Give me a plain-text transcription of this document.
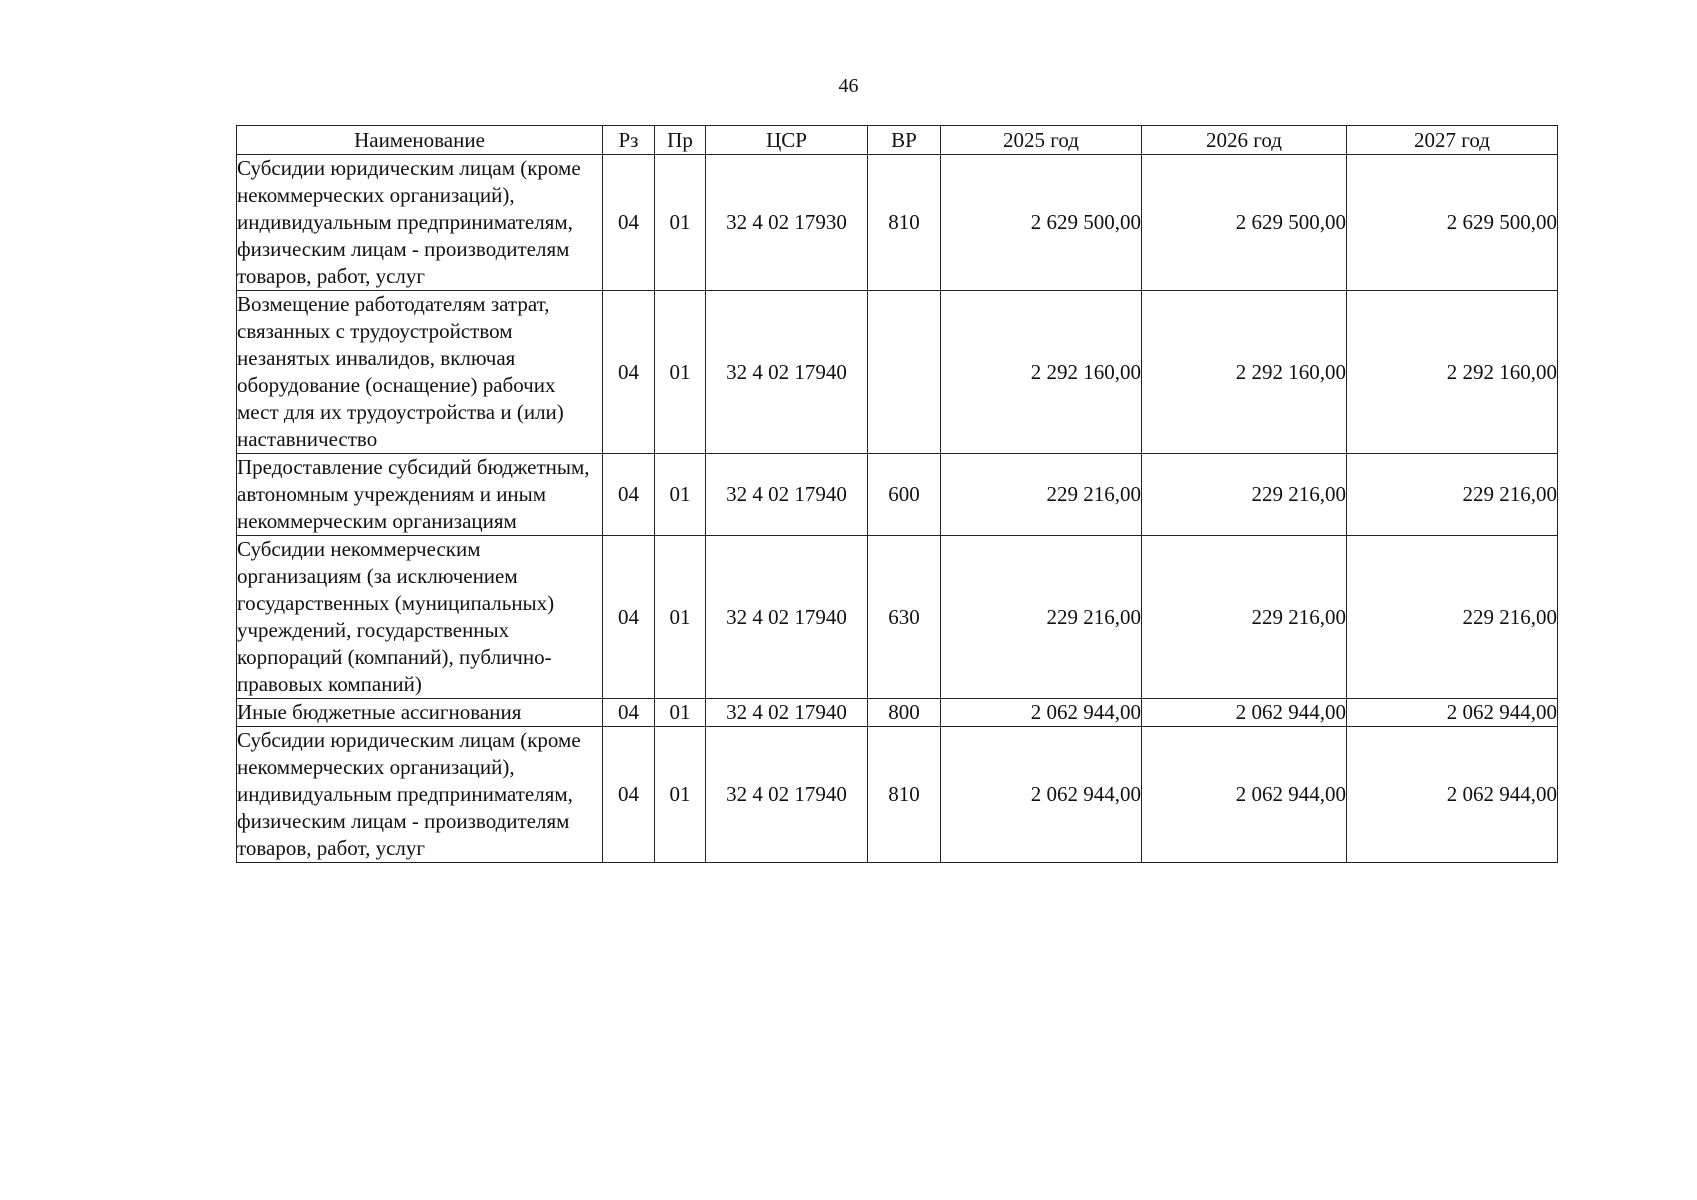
46
Наименование	Рз	Пр	ЦСР	ВР	2025 год	2026 год	2027 год
Субсидии юридическим лицам (кроме некоммерческих организаций), индивидуальным предпринимателям, физическим лицам - производителям товаров, работ, услуг	04	01	32 4 02 17930	810	2 629 500,00	2 629 500,00	2 629 500,00
Возмещение работодателям затрат, связанных с трудоустройством незанятых инвалидов, включая оборудование (оснащение) рабочих мест для их трудоустройства и (или) наставничество	04	01	32 4 02 17940		2 292 160,00	2 292 160,00	2 292 160,00
Предоставление субсидий бюджетным, автономным учреждениям и иным некоммерческим организациям	04	01	32 4 02 17940	600	229 216,00	229 216,00	229 216,00
Субсидии некоммерческим организациям (за исключением государственных (муниципальных) учреждений, государственных корпораций (компаний), публично-правовых компаний)	04	01	32 4 02 17940	630	229 216,00	229 216,00	229 216,00
Иные бюджетные ассигнования	04	01	32 4 02 17940	800	2 062 944,00	2 062 944,00	2 062 944,00
Субсидии юридическим лицам (кроме некоммерческих организаций), индивидуальным предпринимателям, физическим лицам - производителям товаров, работ, услуг	04	01	32 4 02 17940	810	2 062 944,00	2 062 944,00	2 062 944,00
